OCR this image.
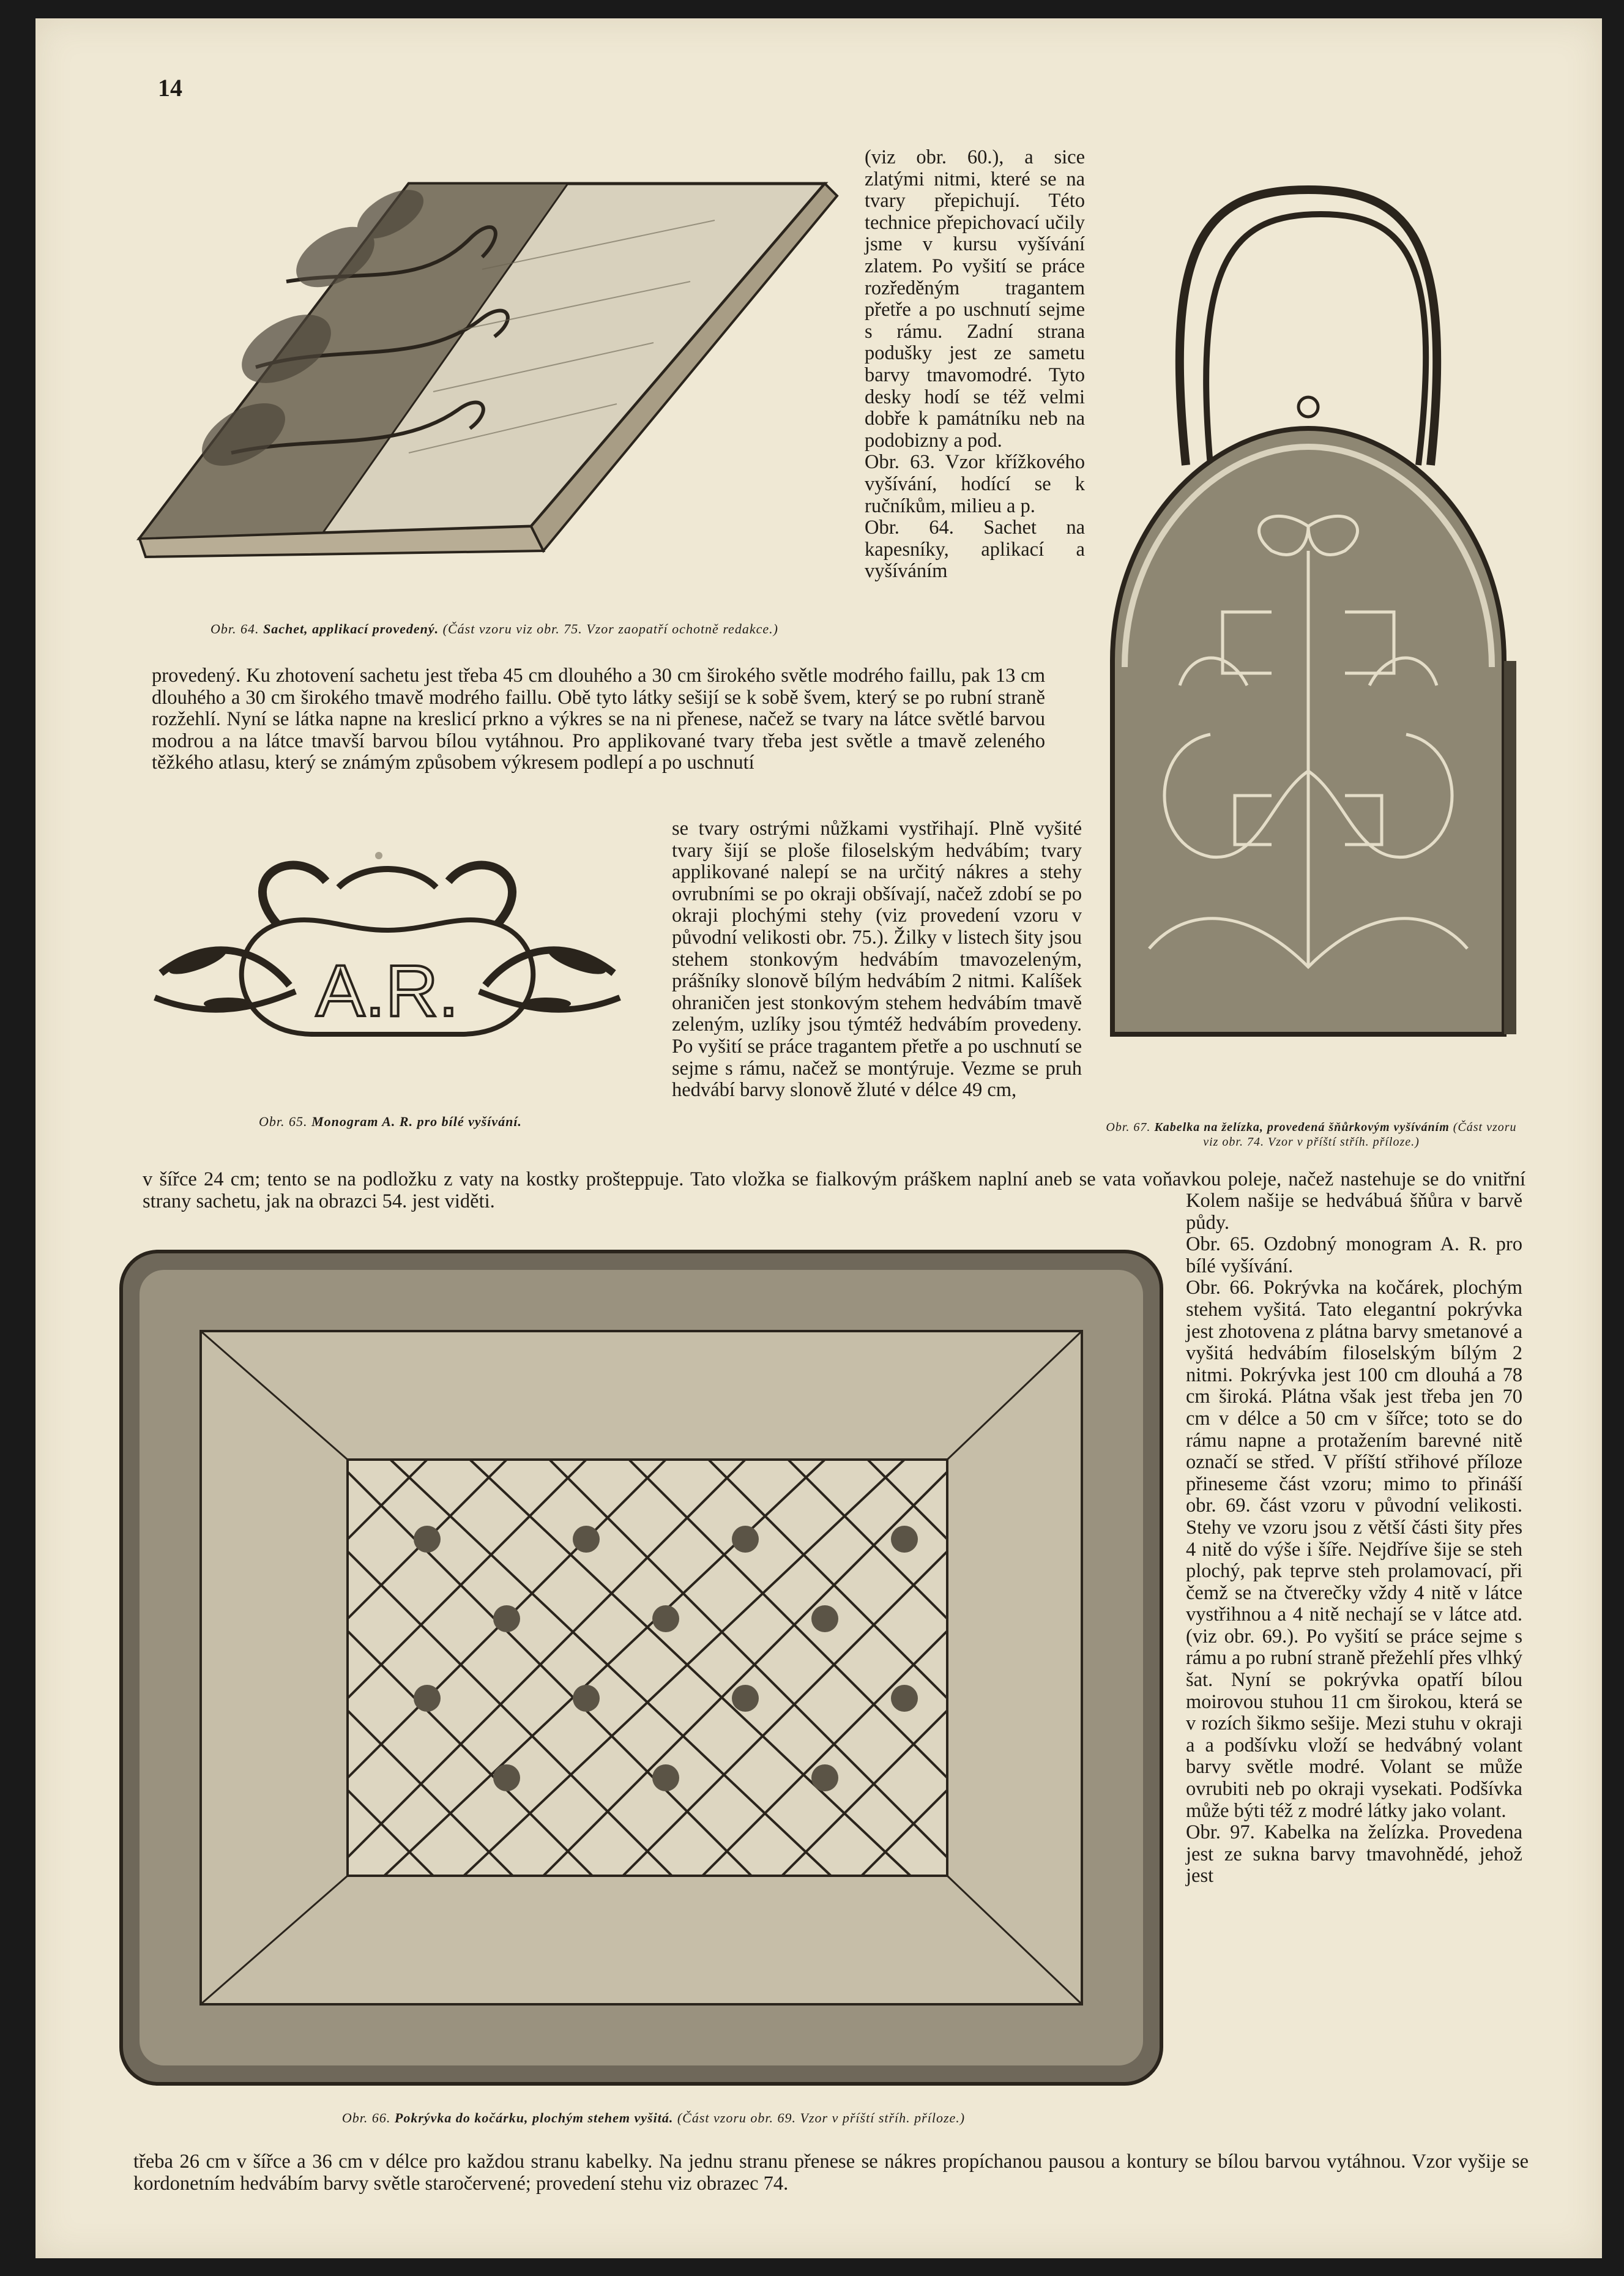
14
Obr. 64. Sachet, applikací provedený. (Část vzoru viz obr. 75. Vzor zaopatří ochotně redakce.)
Obr. 67. Kabelka na želízka, provedená šňůrkovým vyšíváním (Část vzoru viz obr. 74. Vzor v příští stříh. příloze.)

(viz obr. 60.), a sice zlatými nitmi, které se na tvary přepichují. Této technice přepichovací učily jsme v kursu vyšívání zlatem. Po vyšití se práce rozředěným tragantem přetře a po uschnutí sejme s rámu. Zadní strana podušky jest ze sametu barvy tmavomodré. Tyto desky hodí se též velmi dobře k památníku neb na podobizny a pod.
Obr. 63. Vzor křížkového vyšívání, hodící se k ručníkům, milieu a p.
Obr. 64. Sachet na kapesníky, aplikací a vyšíváním

provedený. Ku zhotovení sachetu jest třeba 45 cm dlouhého a 30 cm širokého světle modrého faillu, pak 13 cm dlouhého a 30 cm širokého tmavě modrého faillu. Obě tyto látky sešijí se k sobě švem, který se po rubní straně rozžehlí. Nyní se látka napne na kreslicí prkno a výkres se na ni přenese, načež se tvary na látce světlé barvou modrou a na látce tmavší barvou bílou vytáhnou. Pro applikované tvary třeba jest světle a tmavě zeleného těžkého atlasu, který se známým způsobem výkresem podlepí a po uschnutí

A.R.
Obr. 65. Monogram A. R. pro bílé vyšívání.

se tvary ostrými nůžkami vystřihají. Plně vyšité tvary šijí se ploše filoselským hedvábím; tvary applikované nalepí se na určitý nákres a stehy ovrubními se po okraji obšívají, načež zdobí se po okraji plochými stehy (viz provedení vzoru v původní velikosti obr. 75.). Žilky v listech šity jsou stehem stonkovým hedvábím tmavozeleným, prášníky slonově bílým hedvábím 2 nitmi. Kalíšek ohraničen jest stonkovým stehem hedvábím tmavě zeleným, uzlíky jsou týmtéž hedvábím provedeny. Po vyšití se práce tragantem přetře a po uschnutí se sejme s rámu, načež se montýruje. Vezme se pruh hedvábí barvy slonově žluté v délce 49 cm,

v šířce 24 cm; tento se na podložku z vaty na kostky prošteppuje. Tato vložka se fialkovým práškem naplní aneb se vata voňavkou poleje, načež nastehuje se do vnitřní strany sachetu, jak na obrazci 54. jest viděti.

Obr. 66. Pokrývka do kočárku, plochým stehem vyšitá. (Část vzoru obr. 69. Vzor v příští stříh. příloze.)

Kolem našije se hedvábuá šňůra v barvě půdy.
Obr. 65. Ozdobný monogram A. R. pro bílé vyšívání.
Obr. 66. Pokrývka na kočárek, plochým stehem vyšitá. Tato elegantní pokrývka jest zhotovena z plátna barvy smetanové a vyšitá hedvábím filoselským bílým 2 nitmi. Pokrývka jest 100 cm dlouhá a 78 cm široká. Plátna však jest třeba jen 70 cm v délce a 50 cm v šířce; toto se do rámu napne a protažením barevné nitě označí se střed. V příští střihové příloze přineseme část vzoru; mimo to přináší obr. 69. část vzoru v původní velikosti. Stehy ve vzoru jsou z větší části šity přes 4 nitě do výše i šíře. Nejdříve šije se steh plochý, pak teprve steh prolamovací, při čemž se na čtverečky vždy 4 nitě v látce vystřihnou a 4 nitě nechají se v látce atd. (viz obr. 69.). Po vyšití se práce sejme s rámu a po rubní straně přežehlí přes vlhký šat. Nyní se pokrývka opatří bílou moirovou stuhou 11 cm širokou, která se v rozích šikmo sešije. Mezi stuhu v okraji a a podšívku vloží se hedvábný volant barvy světle modré. Volant se může ovrubiti neb po okraji vysekati. Podšívka může býti též z modré látky jako volant.
Obr. 97. Kabelka na želízka. Provedena jest ze sukna barvy tmavohnědé, jehož jest

třeba 26 cm v šířce a 36 cm v délce pro každou stranu kabelky. Na jednu stranu přenese se nákres propíchanou pausou a kontury se bílou barvou vytáhnou. Vzor vyšije se kordonetním hedvábím barvy světle staročervené; provedení stehu viz obrazec 74.
